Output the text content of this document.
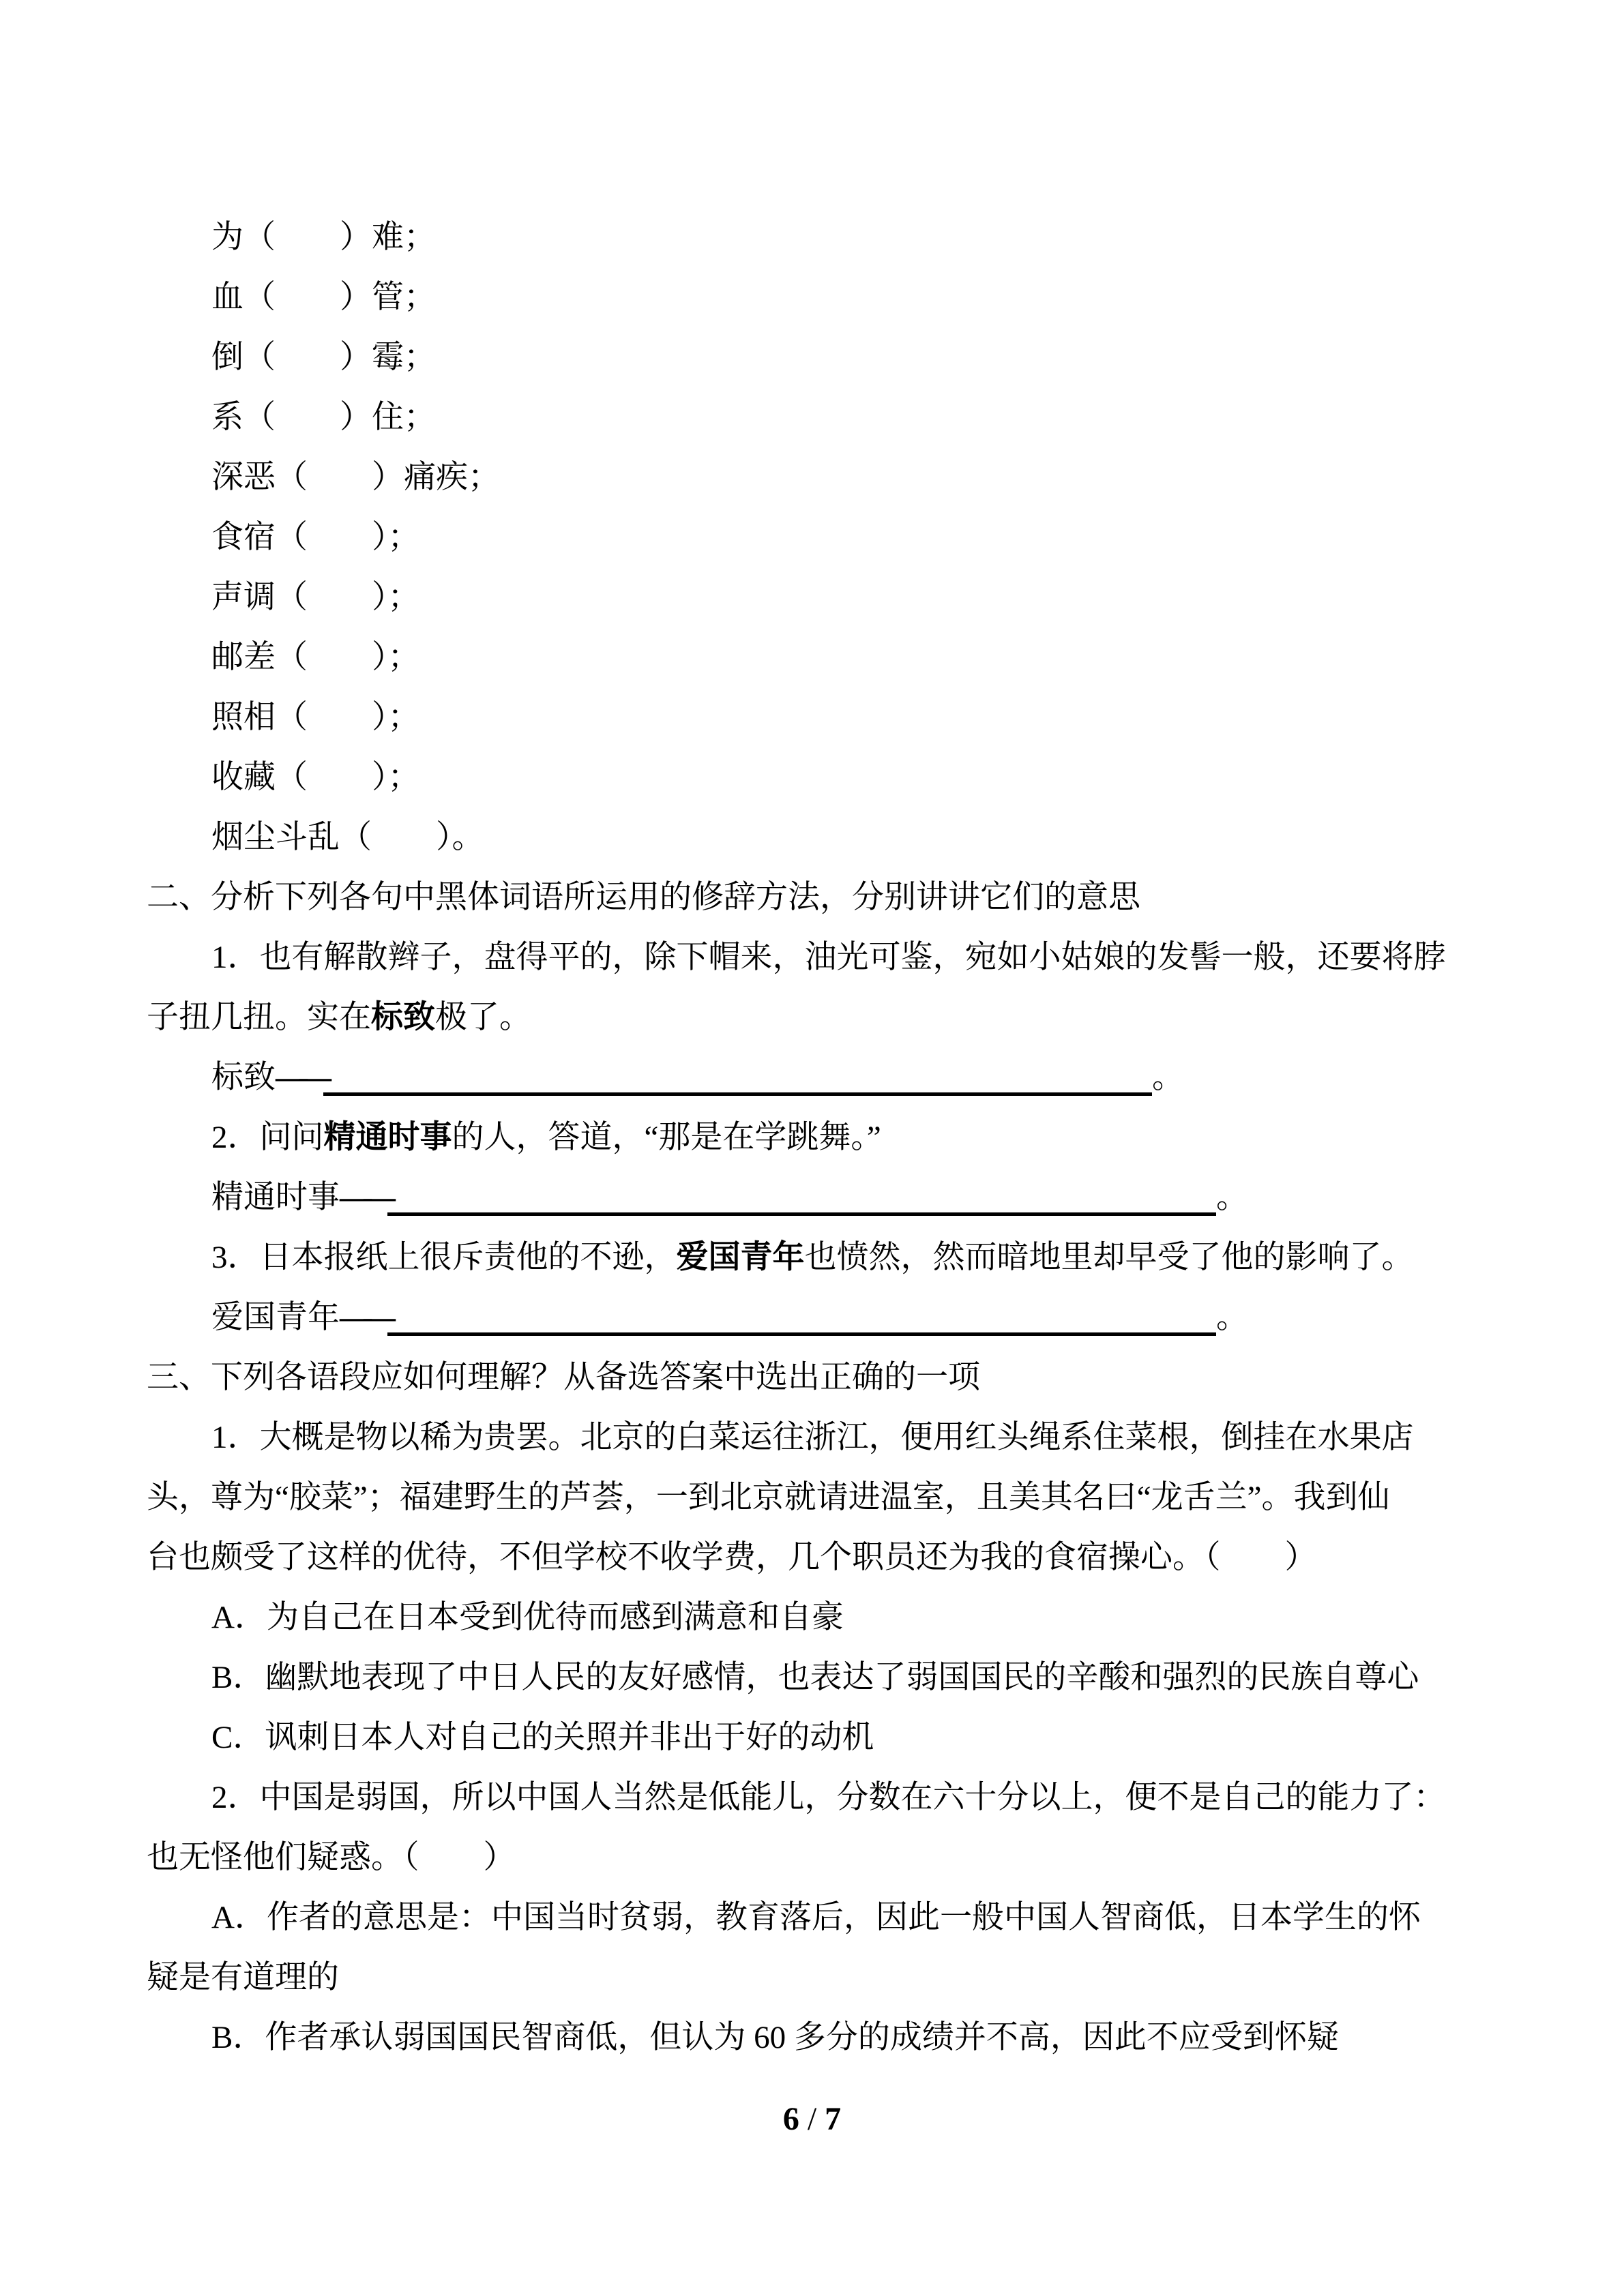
为（　　）难；
血（　　）管；
倒（　　）霉；
系（　　）住；
深恶（　　）痛疾；
食宿（　　）；
声调（　　）；
邮差（　　）；
照相（　　）；
收藏（　　）；
烟尘斗乱（　　）。
二、分析下列各句中黑体词语所运用的修辞方法，分别讲讲它们的意思
1．也有解散辫子，盘得平的，除下帽来，油光可鉴，宛如小姑娘的发髻一般，还要将脖
子扭几扭。实在标致极了。
标致——	。
2．问问精通时事的人，答道，“那是在学跳舞。”
精通时事——	。
3．日本报纸上很斥责他的不逊，爱国青年也愤然，然而暗地里却早受了他的影响了。
爱国青年——	。
三、下列各语段应如何理解？从备选答案中选出正确的一项
1．大概是物以稀为贵罢。北京的白菜运往浙江，便用红头绳系住菜根，倒挂在水果店
头，尊为“胶菜”；福建野生的芦荟，一到北京就请进温室，且美其名曰“龙舌兰”。我到仙
台也颇受了这样的优待，不但学校不收学费，几个职员还为我的食宿操心。（　　）
A．为自己在日本受到优待而感到满意和自豪
B．幽默地表现了中日人民的友好感情，也表达了弱国国民的辛酸和强烈的民族自尊心
C．讽刺日本人对自己的关照并非出于好的动机
2．中国是弱国，所以中国人当然是低能儿，分数在六十分以上，便不是自己的能力了：
也无怪他们疑惑。（　　）
A．作者的意思是：中国当时贫弱，教育落后，因此一般中国人智商低，日本学生的怀
疑是有道理的
B．作者承认弱国国民智商低，但认为 60 多分的成绩并不高，因此不应受到怀疑
6 / 7
